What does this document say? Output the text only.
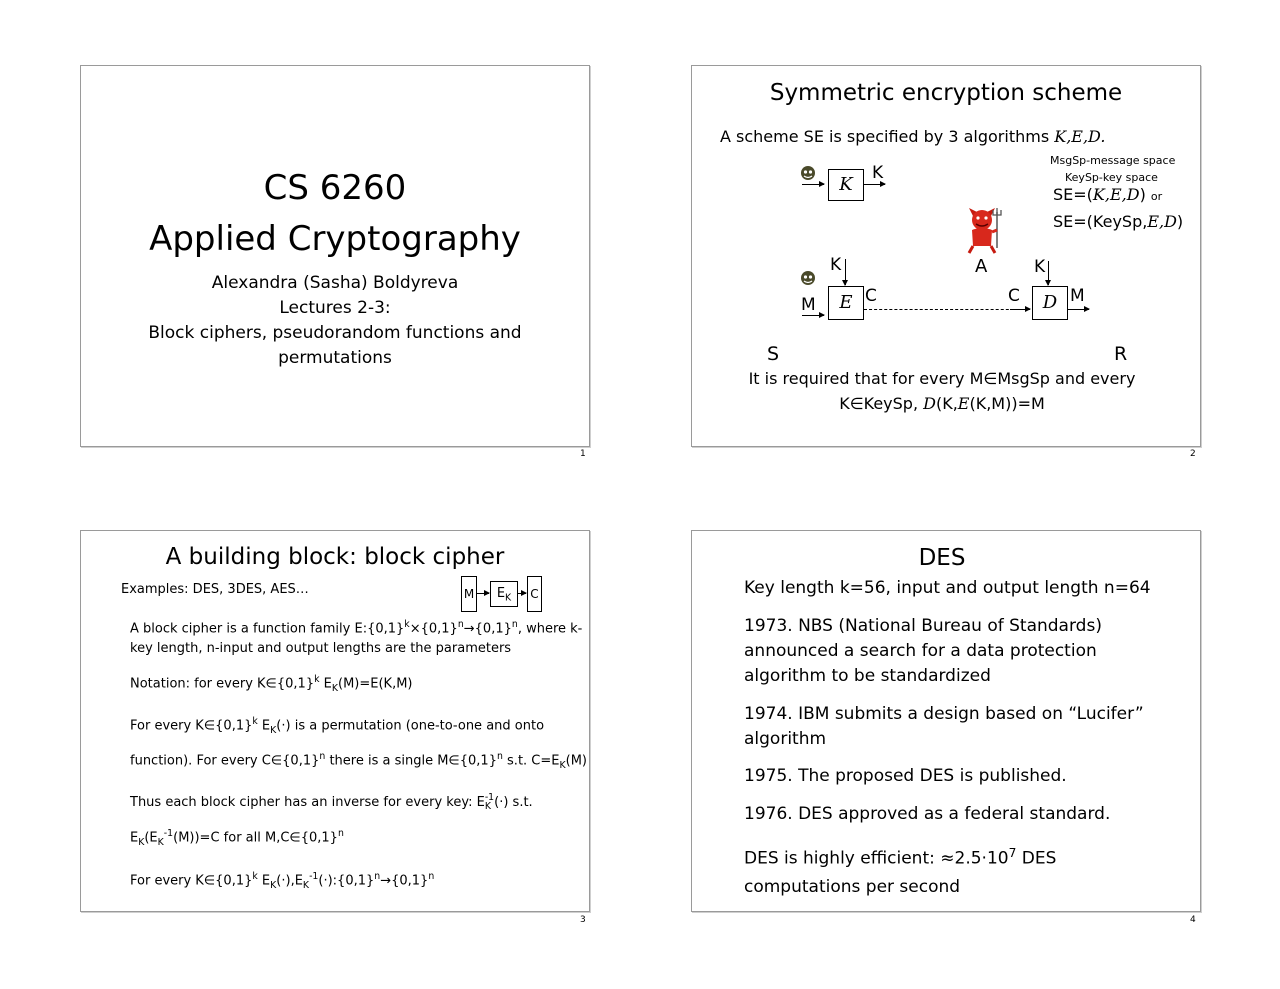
CS 6260
Applied Cryptography
Alexandra (Sasha) Boldyreva
Lectures 2-3:
Block ciphers, pseudorandom functions and
permutations
1
Symmetric encryption scheme
A scheme SE is specified by 3 algorithms K,E,D.
MsgSp-message space
KeySp-key space
SE=(K,E,D) or
SE=(KeySp,E,D)
K
K
A
K
M	E C
K
C	D M
S	R
It is required that for every M∈MsgSp and every
K∈KeySp, D(K,E(K,M))=M
2
A building block: block cipher
Examples: DES, 3DES, AES…	M	$E_K$	C
A block cipher is a function family $E:\{0,1\}^k\times\{0,1\}^n\to\{0,1\}^n$, where k-
key length, n-input and output lengths are the parameters
Notation: for every $K\in\{0,1\}^k$ $E_K(M)=E(K,M)$
For every $K\in\{0,1\}^k$ $E_K(\cdot)$ is a permutation (one-to-one and onto
function). For every $C\in\{0,1\}^n$ there is a single $M\in\{0,1\}^n$ s.t. $C=E_K(M)$
Thus each block cipher has an inverse for every key: E -1
K (·) s.t.
$E_K(E_K^{-1}(M))=C$ for all $M,C\in\{0,1\}^n$
For every $K\in\{0,1\}^k$ $E_K(\cdot),E_K^{-1}(\cdot):\{0,1\}^n\to\{0,1\}^n$
3
DES
Key length k=56, input and output length n=64
1973. NBS (National Bureau of Standards)
announced a search for a data protection
algorithm to be standardized
1974. IBM submits a design based on “Lucifer”
algorithm
1975. The proposed DES is published.
1976. DES approved as a federal standard.
DES is highly efficient: $\approx 2.5\cdot 10^7$ DES
computations per second
4
